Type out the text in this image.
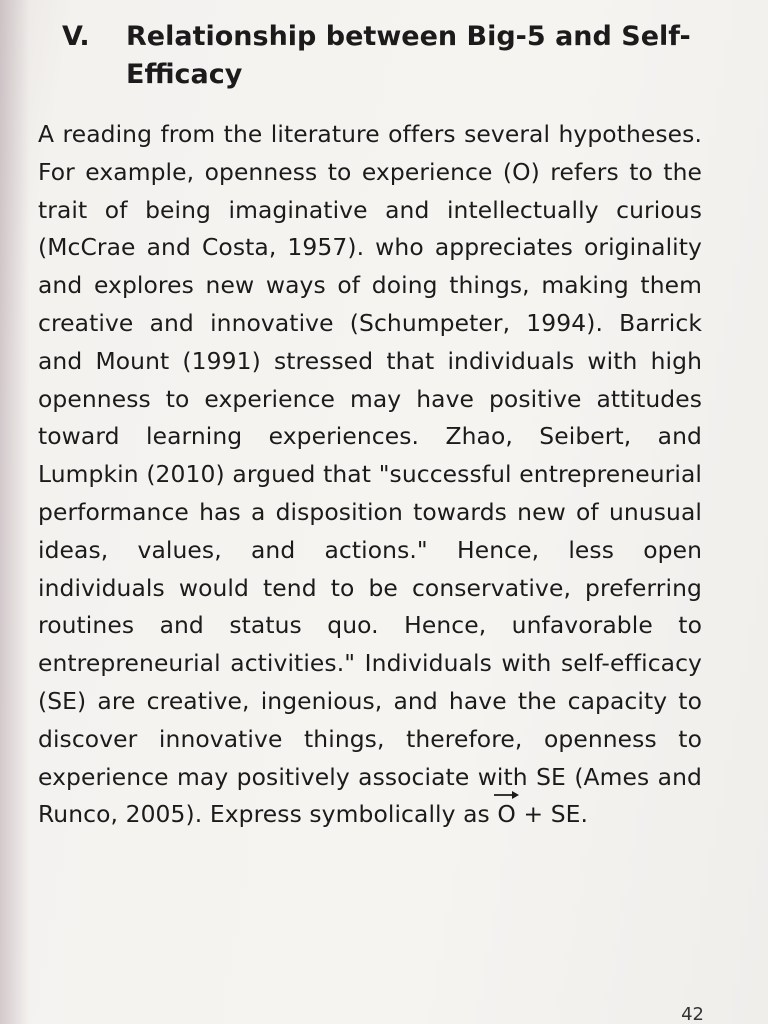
V.	Relationship between Big-5 and Self-Efficacy

A reading from the literature offers several hypotheses. For example, openness to experience (O) refers to the trait of being imaginative and intellectually curious (McCrae and Costa, 1957). who appreciates originality and explores new ways of doing things, making them creative and innovative (Schumpeter, 1994). Barrick and Mount (1991) stressed that individuals with high openness to experience may have positive attitudes toward learning experiences. Zhao, Seibert, and Lumpkin (2010) argued that "successful entrepreneurial performance has a disposition towards new of unusual ideas, values, and actions." Hence, less open individuals would tend to be conservative, preferring routines and status quo. Hence, unfavorable to entrepreneurial activities." Individuals with self-efficacy (SE) are creative, ingenious, and have the capacity to discover innovative things, therefore, openness to experience may positively associate with SE (Ames and Runco, 2005). Express symbolically as O + SE.

42
